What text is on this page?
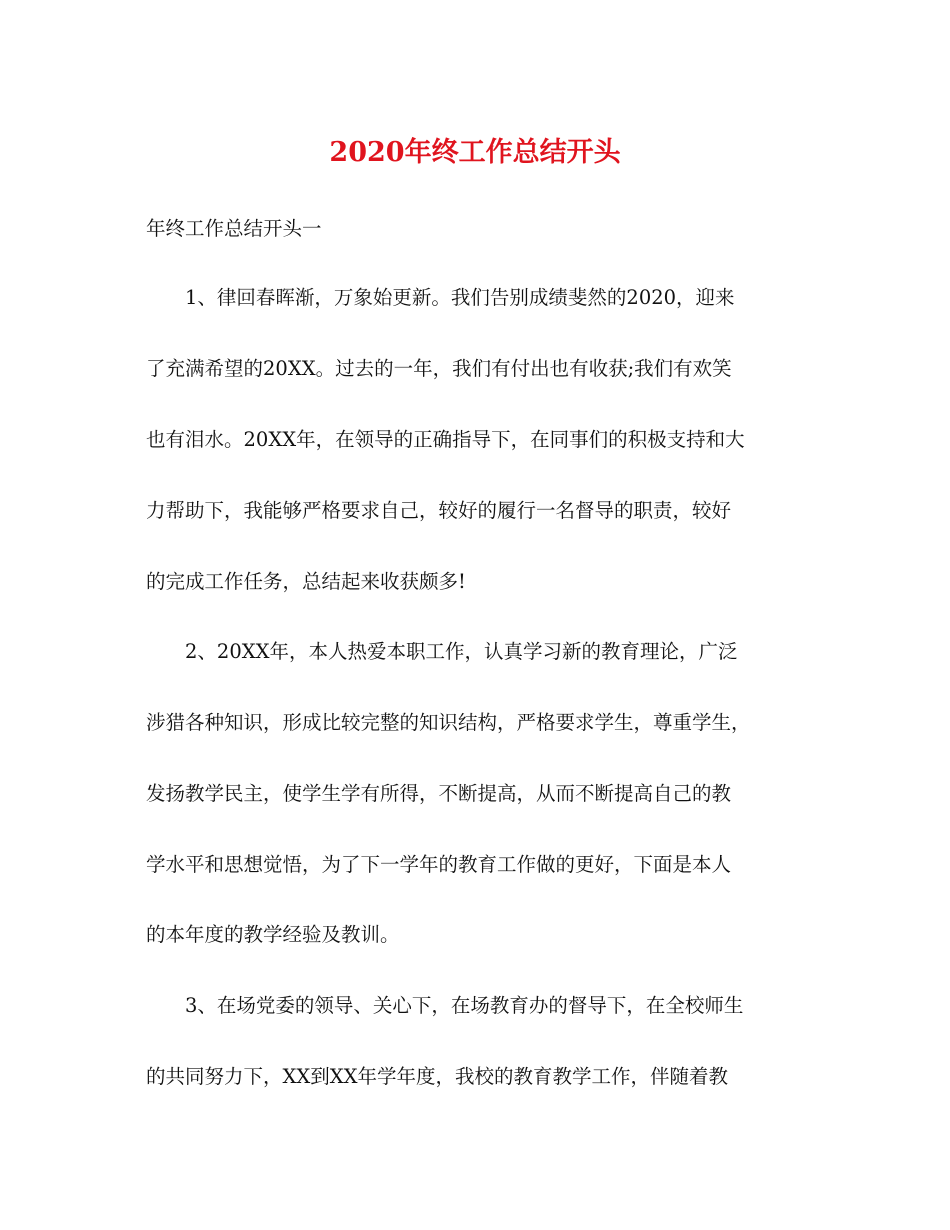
2020年终工作总结开头
年终工作总结开头一
　　1、律回春晖渐，万象始更新。我们告别成绩斐然的2020，迎来
了充满希望的20XX。过去的一年，我们有付出也有收获;我们有欢笑
也有泪水。20XX年，在领导的正确指导下，在同事们的积极支持和大
力帮助下，我能够严格要求自己，较好的履行一名督导的职责，较好
的完成工作任务，总结起来收获颇多!
　　2、20XX年，本人热爱本职工作，认真学习新的教育理论，广泛
涉猎各种知识，形成比较完整的知识结构，严格要求学生，尊重学生，
发扬教学民主，使学生学有所得，不断提高，从而不断提高自己的教
学水平和思想觉悟，为了下一学年的教育工作做的更好，下面是本人
的本年度的教学经验及教训。
　　3、在场党委的领导、关心下，在场教育办的督导下，在全校师生
的共同努力下，XX到XX年学年度，我校的教育教学工作，伴随着教
